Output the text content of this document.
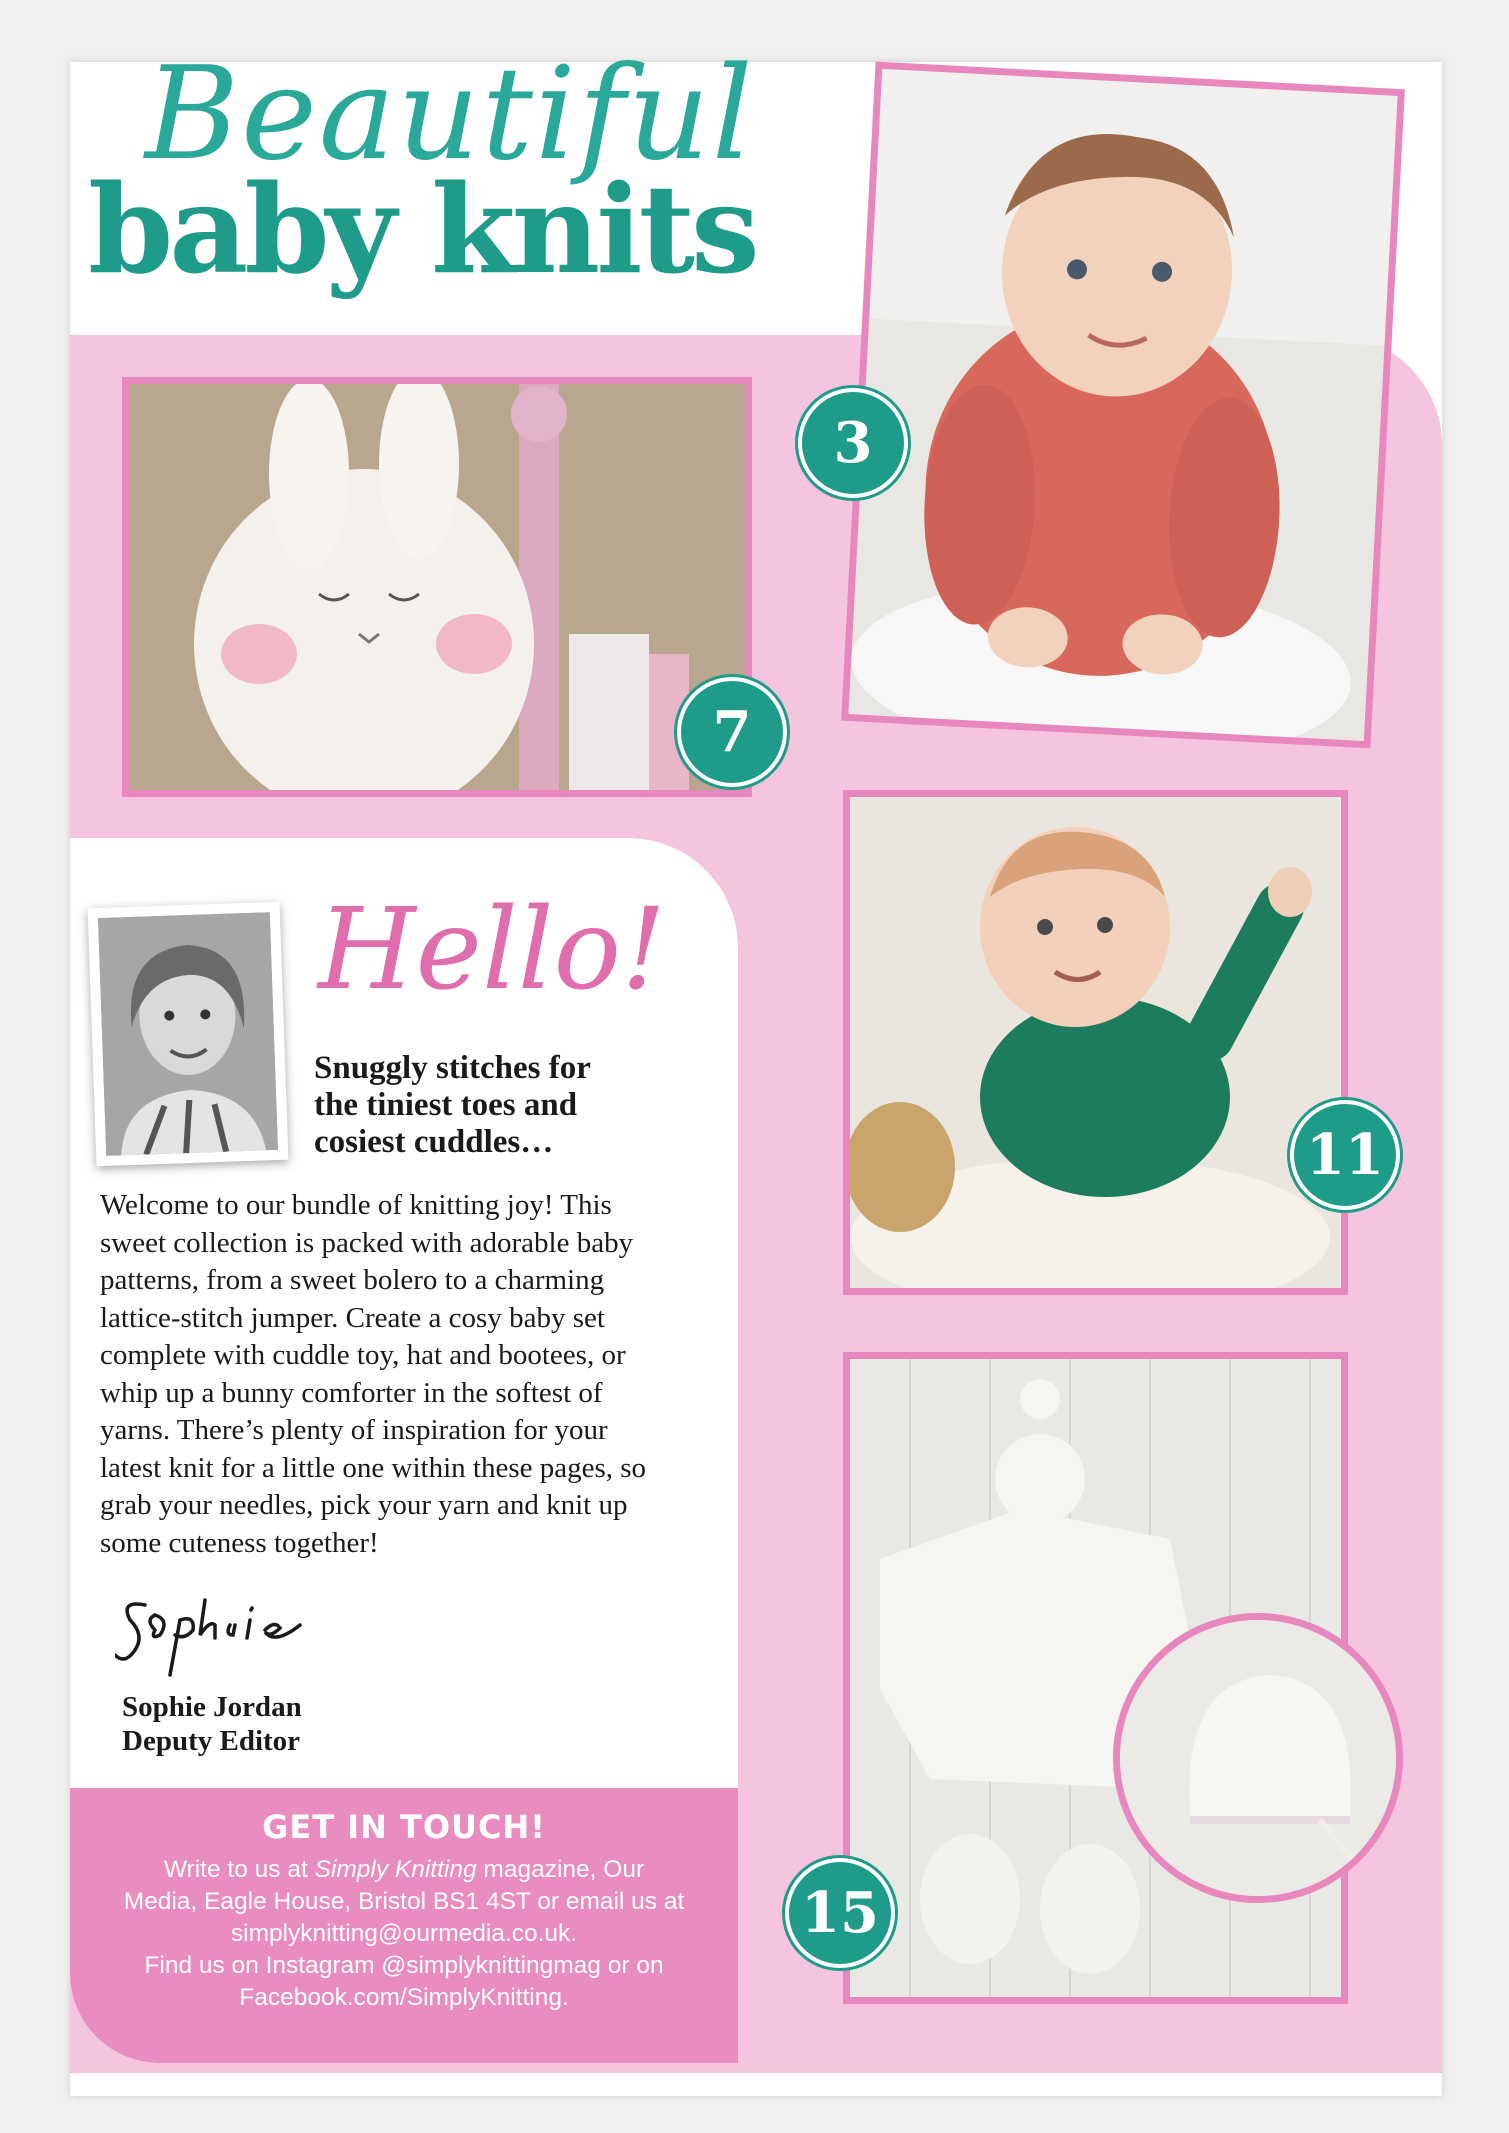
Beautiful
baby knits
3
7
11
15
Hello!
Snuggly stitches for
the tiniest toes and
cosiest cuddles…
Welcome to our bundle of knitting joy! This
sweet collection is packed with adorable baby
patterns, from a sweet bolero to a charming
lattice-stitch jumper. Create a cosy baby set
complete with cuddle toy, hat and bootees, or
whip up a bunny comforter in the softest of
yarns. There’s plenty of inspiration for your
latest knit for a little one within these pages, so
grab your needles, pick your yarn and knit up
some cuteness together!
Sophie Jordan
Deputy Editor
GET IN TOUCH!
Write to us at Simply Knitting magazine, Our
Media, Eagle House, Bristol BS1 4ST or email us at
simplyknitting@ourmedia.co.uk.
Find us on Instagram @simplyknittingmag or on
Facebook.com/SimplyKnitting.
